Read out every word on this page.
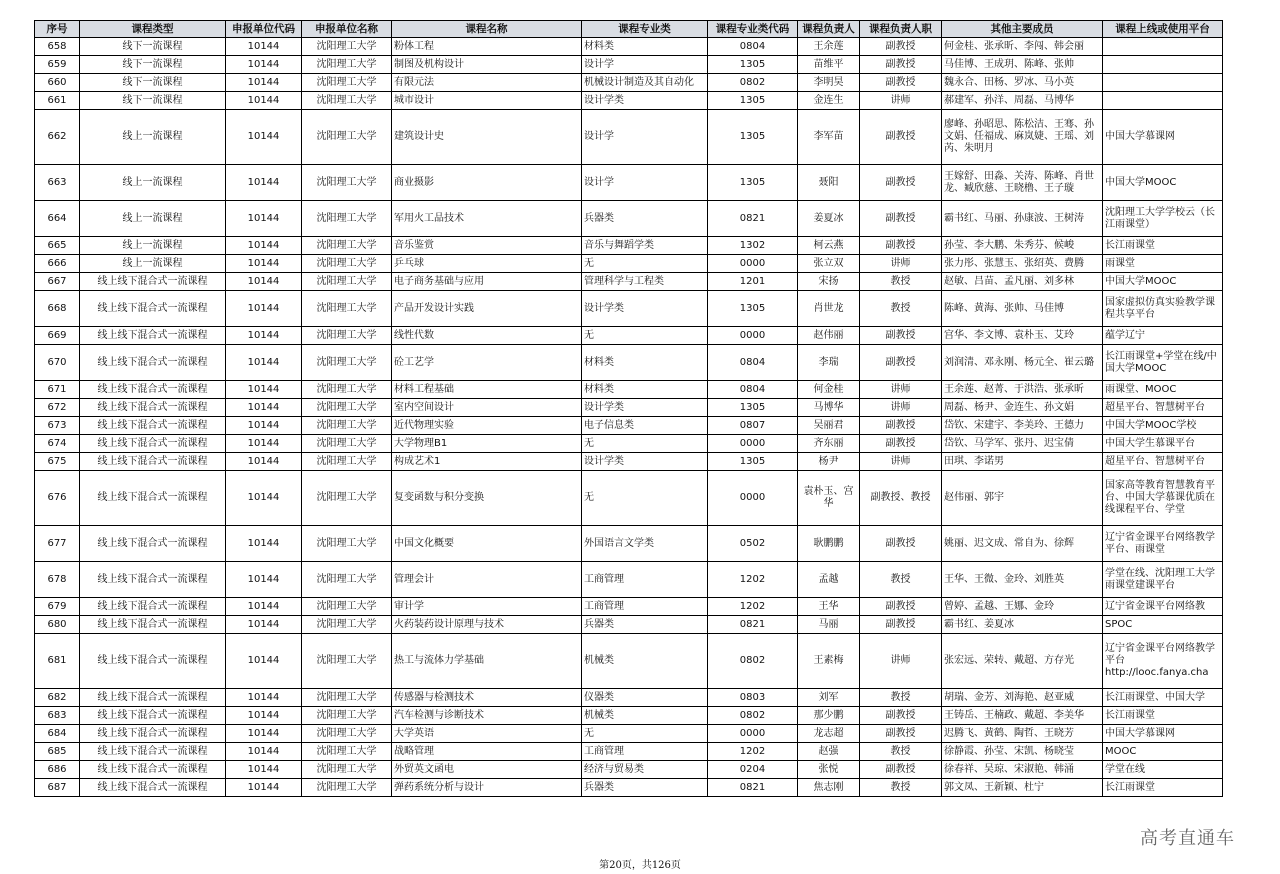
序号	课程类型	申报单位代码	申报单位名称	课程名称	课程专业类	课程专业类代码	课程负责人	课程负责人职	其他主要成员	课程上线或使用平台
658	线下一流课程	10144	沈阳理工大学	粉体工程	材料类	0804	王余莲	副教授	何金桂、张承昕、李闯、韩会丽	
659	线下一流课程	10144	沈阳理工大学	制图及机构设计	设计学	1305	苗维平	副教授	马佳博、王成玥、陈峰、张帅	
660	线下一流课程	10144	沈阳理工大学	有限元法	机械设计制造及其自动化	0802	李明昊	副教授	魏永合、田杨、罗冰、马小英	
661	线下一流课程	10144	沈阳理工大学	城市设计	设计学类	1305	金连生	讲师	郝建军、孙洋、周磊、马博华	
662	线上一流课程	10144	沈阳理工大学	建筑设计史	设计学	1305	李军苗	副教授	廖峰、孙昭思、陈松洁、王骞、孙文娟、任福成、麻岚婕、王瑶、刘芮、朱明月	中国大学慕课网
663	线上一流课程	10144	沈阳理工大学	商业摄影	设计学	1305	聂阳	副教授	王嫁舒、田淼、关涛、陈峰、肖世龙、臧欣慈、王晓橹、王子璇	中国大学MOOC
664	线上一流课程	10144	沈阳理工大学	军用火工品技术	兵器类	0821	姜夏冰	副教授	霸书红、马丽、孙康波、王树涛	沈阳理工大学学校云（长江雨课堂）
665	线上一流课程	10144	沈阳理工大学	音乐鉴赏	音乐与舞蹈学类	1302	柯云燕	副教授	孙莹、李大鹏、朱秀芬、候峻	长江雨课堂
666	线上一流课程	10144	沈阳理工大学	乒乓球	无	0000	张立双	讲师	张力彤、张慧玉、张绍英、费腾	雨课堂
667	线上线下混合式一流课程	10144	沈阳理工大学	电子商务基础与应用	管理科学与工程类	1201	宋扬	教授	赵敏、吕苗、孟凡丽、刘多林	中国大学MOOC
668	线上线下混合式一流课程	10144	沈阳理工大学	产品开发设计实践	设计学类	1305	肖世龙	教授	陈峰、黄海、张帅、马佳博	国家虚拟仿真实验教学课程共享平台
669	线上线下混合式一流课程	10144	沈阳理工大学	线性代数	无	0000	赵伟丽	副教授	宫华、李文博、袁朴玉、艾玲	蕴学辽宁
670	线上线下混合式一流课程	10144	沈阳理工大学	砼工艺学	材料类	0804	李瑞	副教授	刘润清、邓永刚、杨元全、崔云璐	长江雨课堂+学堂在线/中国大学MOOC
671	线上线下混合式一流课程	10144	沈阳理工大学	材料工程基础	材料类	0804	何金桂	讲师	王余莲、赵菁、于洪浩、张承昕	雨课堂、MOOC
672	线上线下混合式一流课程	10144	沈阳理工大学	室内空间设计	设计学类	1305	马博华	讲师	周磊、杨尹、金连生、孙文娟	超星平台、智慧树平台
673	线上线下混合式一流课程	10144	沈阳理工大学	近代物理实验	电子信息类	0807	吴丽君	副教授	岱钦、宋建宇、李美玲、王德力	中国大学MOOC学校
674	线上线下混合式一流课程	10144	沈阳理工大学	大学物理B1	无	0000	齐东丽	副教授	岱钦、马学军、张丹、迟宝倩	中国大学生慕课平台
675	线上线下混合式一流课程	10144	沈阳理工大学	构成艺术1	设计学类	1305	杨尹	讲师	田琪、李诺男	超星平台、智慧树平台
676	线上线下混合式一流课程	10144	沈阳理工大学	复变函数与积分变换	无	0000	袁朴玉、宫华	副教授、教授	赵伟丽、郭宇	国家高等教育智慧教育平台、中国大学慕课优质在线课程平台、学堂
677	线上线下混合式一流课程	10144	沈阳理工大学	中国文化概要	外国语言文学类	0502	耿鹏鹏	副教授	姚丽、迟文成、常自为、徐辉	辽宁省金课平台网络教学平台、雨课堂
678	线上线下混合式一流课程	10144	沈阳理工大学	管理会计	工商管理	1202	孟越	教授	王华、王微、金玲、刘胜英	学堂在线、沈阳理工大学雨课堂建课平台
679	线上线下混合式一流课程	10144	沈阳理工大学	审计学	工商管理	1202	王华	副教授	曾婷、孟越、王娜、金玲	辽宁省金课平台网络教
680	线上线下混合式一流课程	10144	沈阳理工大学	火药装药设计原理与技术	兵器类	0821	马丽	副教授	霸书红、姜夏冰	SPOC
681	线上线下混合式一流课程	10144	沈阳理工大学	热工与流体力学基础	机械类	0802	王素梅	讲师	张宏远、荣转、戴超、方存光	辽宁省金课平台网络教学平台 http://looc.fanya.cha
682	线上线下混合式一流课程	10144	沈阳理工大学	传感器与检测技术	仪器类	0803	刘军	教授	胡瑞、金芳、刘海艳、赵亚威	长江雨课堂、中国大学
683	线上线下混合式一流课程	10144	沈阳理工大学	汽车检测与诊断技术	机械类	0802	那少鹏	副教授	王铸岳、王楠政、戴超、李美华	长江雨课堂
684	线上线下混合式一流课程	10144	沈阳理工大学	大学英语	无	0000	龙志超	副教授	迟腾飞、黄鹤、陶哲、王晓芳	中国大学慕课网
685	线上线下混合式一流课程	10144	沈阳理工大学	战略管理	工商管理	1202	赵强	教授	徐静霞、孙莹、宋凯、杨晓莹	MOOC
686	线上线下混合式一流课程	10144	沈阳理工大学	外贸英文函电	经济与贸易类	0204	张悦	副教授	徐春祥、吴琼、宋淑艳、韩涌	学堂在线
687	线上线下混合式一流课程	10144	沈阳理工大学	弹药系统分析与设计	兵器类	0821	焦志刚	教授	郭文凤、王新颖、杜宁	长江雨课堂
第20页，共126页
高考直通车
